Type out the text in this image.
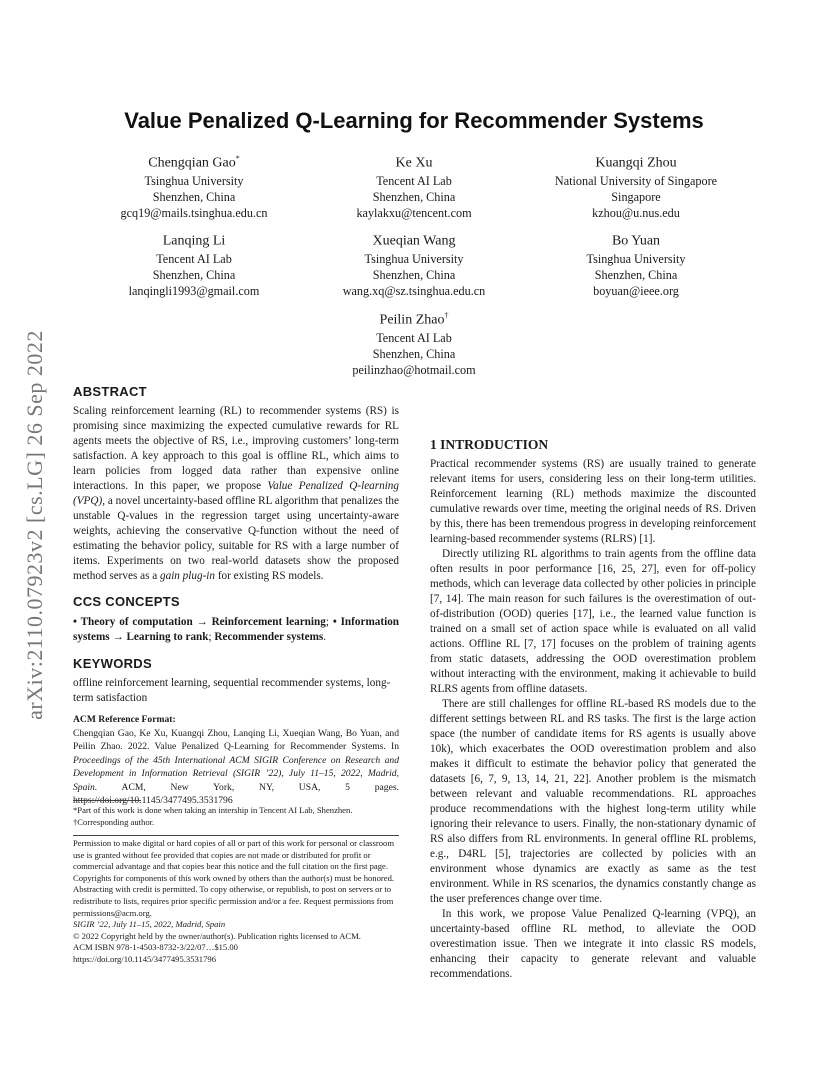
arXiv:2110.07923v2 [cs.LG] 26 Sep 2022
Value Penalized Q-Learning for Recommender Systems
Chengqian Gao*
Tsinghua University
Shenzhen, China
gcq19@mails.tsinghua.edu.cn
Ke Xu
Tencent AI Lab
Shenzhen, China
kaylakxu@tencent.com
Kuangqi Zhou
National University of Singapore
Singapore
kzhou@u.nus.edu
Lanqing Li
Tencent AI Lab
Shenzhen, China
lanqingli1993@gmail.com
Xueqian Wang
Tsinghua University
Shenzhen, China
wang.xq@sz.tsinghua.edu.cn
Bo Yuan
Tsinghua University
Shenzhen, China
boyuan@ieee.org
Peilin Zhao†
Tencent AI Lab
Shenzhen, China
peilinzhao@hotmail.com
ABSTRACT

Scaling reinforcement learning (RL) to recommender systems (RS) is promising since maximizing the expected cumulative rewards for RL agents meets the objective of RS, i.e., improving customers’ long-term satisfaction. A key approach to this goal is offline RL, which aims to learn policies from logged data rather than expensive online interactions. In this paper, we propose Value Penalized Q-learning (VPQ), a novel uncertainty-based offline RL algorithm that penalizes the unstable Q-values in the regression target using uncertainty-aware weights, achieving the conservative Q-function without the need of estimating the behavior policy, suitable for RS with a large number of items. Experiments on two real-world datasets show the proposed method serves as a gain plug-in for existing RS models.

CCS CONCEPTS

• Theory of computation → Reinforcement learning; • Information systems → Learning to rank; Recommender systems.

KEYWORDS

offline reinforcement learning, sequential recommender systems, long-term satisfaction

ACM Reference Format:

Chengqian Gao, Ke Xu, Kuangqi Zhou, Lanqing Li, Xueqian Wang, Bo Yuan, and Peilin Zhao. 2022. Value Penalized Q-Learning for Recommender Systems. In Proceedings of the 45th International ACM SIGIR Conference on Research and Development in Information Retrieval (SIGIR ’22), July 11–15, 2022, Madrid, Spain. ACM, New York, NY, USA, 5 pages. https://doi.org/10.1145/3477495.3531796

*Part of this work is done when taking an intership in Tencent AI Lab, Shenzhen.
†Corresponding author.

Permission to make digital or hard copies of all or part of this work for personal or classroom use is granted without fee provided that copies are not made or distributed for profit or commercial advantage and that copies bear this notice and the full citation on the first page. Copyrights for components of this work owned by others than the author(s) must be honored. Abstracting with credit is permitted. To copy otherwise, or republish, to post on servers or to redistribute to lists, requires prior specific permission and/or a fee. Request permissions from permissions@acm.org.

SIGIR ’22, July 11–15, 2022, Madrid, Spain
© 2022 Copyright held by the owner/author(s). Publication rights licensed to ACM.
ACM ISBN 978-1-4503-8732-3/22/07…$15.00
https://doi.org/10.1145/3477495.3531796
1 INTRODUCTION

Practical recommender systems (RS) are usually trained to generate relevant items for users, considering less on their long-term utilities. Reinforcement learning (RL) methods maximize the discounted cumulative rewards over time, meeting the original needs of RS. Driven by this, there has been tremendous progress in developing reinforcement learning-based recommender systems (RLRS) [1].

Directly utilizing RL algorithms to train agents from the offline data often results in poor performance [16, 25, 27], even for off-policy methods, which can leverage data collected by other policies in principle [7, 14]. The main reason for such failures is the overestimation of out-of-distribution (OOD) queries [17], i.e., the learned value function is trained on a small set of action space while is evaluated on all valid actions. Offline RL [7, 17] focuses on the problem of training agents from static datasets, addressing the OOD overestimation problem without interacting with the environment, making it achievable to build RLRS agents from offline datasets.

There are still challenges for offline RL-based RS models due to the different settings between RL and RS tasks. The first is the large action space (the number of candidate items for RS agents is usually above 10k), which exacerbates the OOD overestimation problem and also makes it difficult to estimate the behavior policy that generated the datasets [6, 7, 9, 13, 14, 21, 22]. Another problem is the mismatch between relevant and valuable recommendations. RL approaches produce recommendations with the highest long-term utility while ignoring their relevance to users. Finally, the non-stationary dynamic of RS also differs from RL environments. In general offline RL problems, e.g., D4RL [5], trajectories are collected by policies with an environment whose dynamics are exactly as same as the test environment. While in RS scenarios, the dynamics constantly change as the user preferences change over time.

In this work, we propose Value Penalized Q-learning (VPQ), an uncertainty-based offline RL method, to alleviate the OOD overestimation issue. Then we integrate it into classic RS models, enhancing their capacity to generate relevant and valuable recommendations.
